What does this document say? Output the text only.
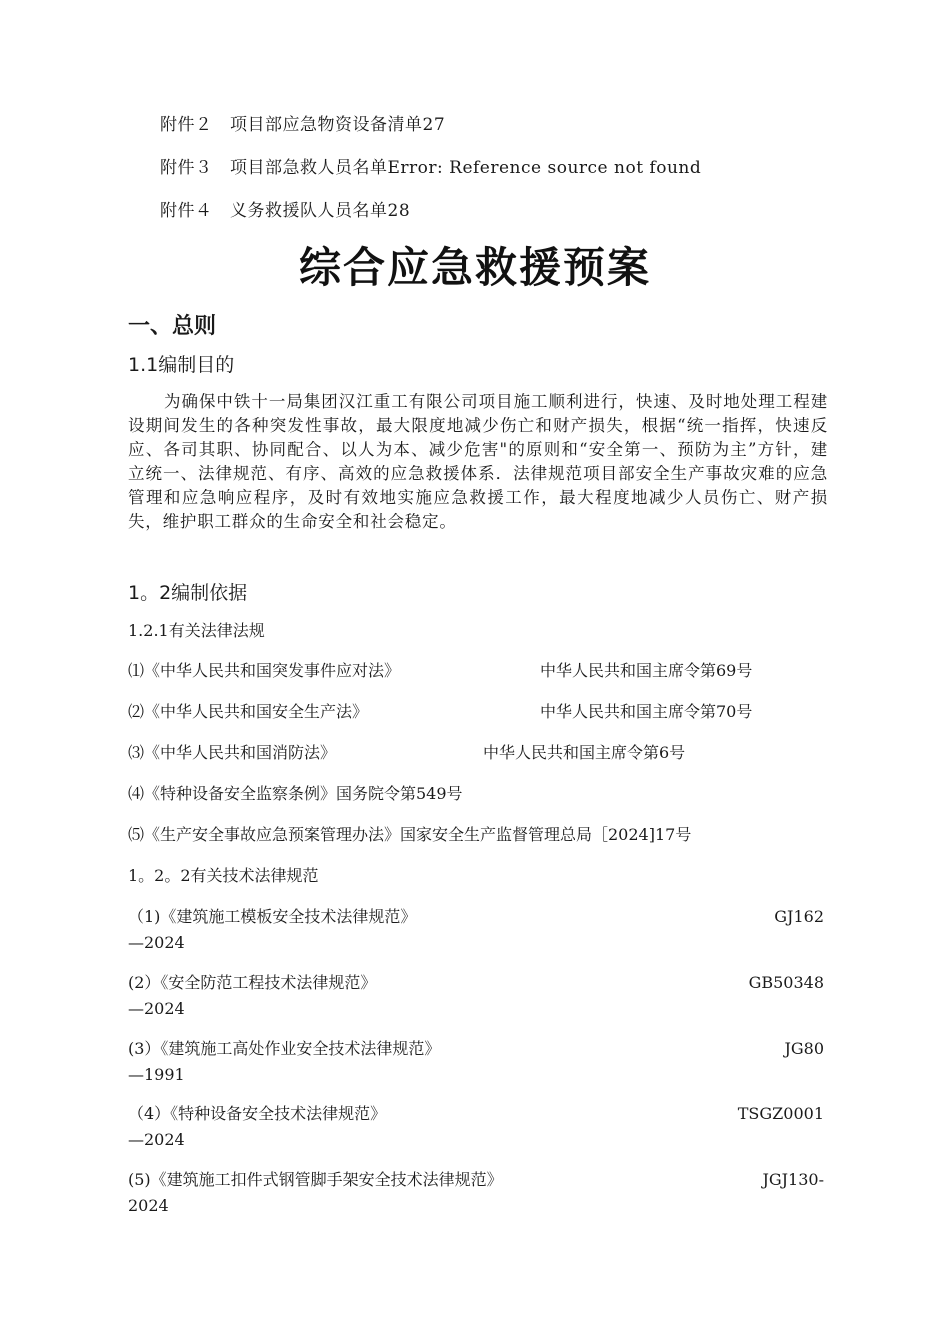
附件２　项目部应急物资设备清单27
附件３　项目部急救人员名单Error: Reference source not found
附件４　义务救援队人员名单28
综合应急救援预案
一、总则
1.1编制目的
为确保中铁十一局集团汉江重工有限公司项目施工顺利进行，快速、及时地处理工程建设期间发生的各种突发性事故，最大限度地减少伤亡和财产损失，根据“统一指挥，快速反应、各司其职、协同配合、以人为本、减少危害"的原则和“安全第一、预防为主”方针，建立统一、法律规范、有序、高效的应急救援体系．法律规范项目部安全生产事故灾难的应急管理和应急响应程序，及时有效地实施应急救援工作，最大程度地减少人员伤亡、财产损失，维护职工群众的生命安全和社会稳定。
1。2编制依据
1.2.1有关法律法规
⑴《中华人民共和国突发事件应对法》	中华人民共和国主席令第69号
⑵《中华人民共和国安全生产法》	中华人民共和国主席令第70号
⑶《中华人民共和国消防法》	中华人民共和国主席令第6号
⑷《特种设备安全监察条例》国务院令第549号
⑸《生产安全事故应急预案管理办法》国家安全生产监督管理总局［2024]17号
1。2。2有关技术法律规范
（1)《建筑施工模板安全技术法律规范》	GJ162
—2024
(2）《安全防范工程技术法律规范》	GB50348
—2024
(3）《建筑施工高处作业安全技术法律规范》	JG80
—1991
（4）《特种设备安全技术法律规范》	TSGZ0001
—2024
(5)《建筑施工扣件式钢管脚手架安全技术法律规范》	JGJ130-
2024
